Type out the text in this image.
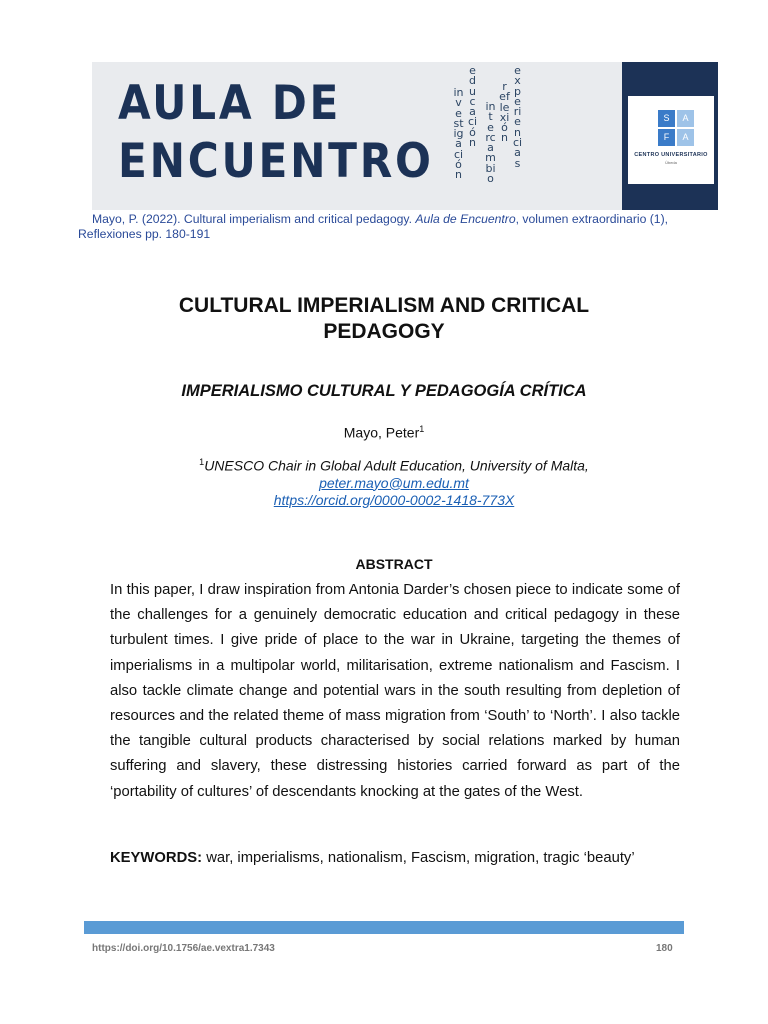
AULA DE
ENCUENTRO
educación
investigación
reflexión
intercambio
experiencias
S	A
F	A
CENTRO UNIVERSITARIO
Úbeda
Mayo, P. (2022). Cultural imperialism and critical pedagogy. Aula de Encuentro, volumen extraordinario (1),
Reflexiones pp. 180-191
CULTURAL IMPERIALISM AND CRITICAL
PEDAGOGY
IMPERIALISMO CULTURAL Y PEDAGOGÍA CRÍTICA
Mayo, Peter$^1$
$^1$UNESCO Chair in Global Adult Education, University of Malta,
peter.mayo@um.edu.mt
https://orcid.org/0000-0002-1418-773X
ABSTRACT
In this paper, I draw inspiration from Antonia Darder’s chosen piece to indicate some of the challenges for a genuinely democratic education and critical pedagogy in these turbulent times. I give pride of place to the war in Ukraine, targeting the themes of imperialisms in a multipolar world, militarisation, extreme nationalism and Fascism. I also tackle climate change and potential wars in the south resulting from depletion of resources and the related theme of mass migration from ‘South’ to ‘North’. I also tackle the tangible cultural products characterised by social relations marked by human suffering and slavery, these distressing histories carried forward as part of the ‘portability of cultures’ of descendants knocking at the gates of the West.
KEYWORDS: war, imperialisms, nationalism, Fascism, migration, tragic ‘beauty’
https://doi.org/10.1756/ae.vextra1.7343	180
